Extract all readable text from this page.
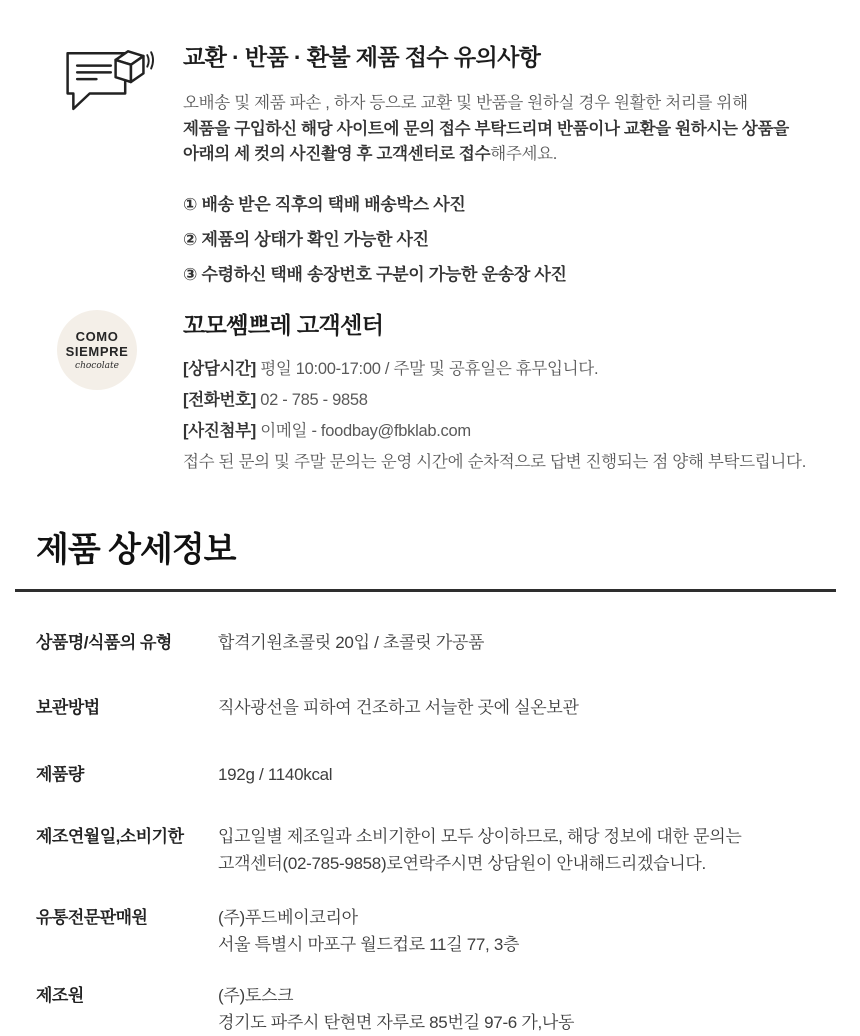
교환 · 반품 · 환불 제품 접수 유의사항

오배송 및 제품 파손 , 하자 등으로 교환 및 반품을 원하실 경우 원활한 처리를 위해
제품을 구입하신 해당 사이트에 문의 접수 부탁드리며 반품이나 교환을 원하시는 상품을
아래의 세 컷의 사진촬영 후 고객센터로 접수해주세요.

① 배송 받은 직후의 택배 배송박스 사진
② 제품의 상태가 확인 가능한 사진
③ 수령하신 택배 송장번호 구분이 가능한 운송장 사진
COMO
SIEMPRE
chocolate
꼬모쎔쁘레 고객센터
[상담시간] 평일 10:00-17:00 / 주말 및 공휴일은 휴무입니다.
[전화번호] 02 - 785 - 9858
[사진첨부] 이메일 - foodbay@fbklab.com
접수 된 문의 및 주말 문의는 운영 시간에 순차적으로 답변 진행되는 점 양해 부탁드립니다.
제품 상세정보
상품명/식품의 유형	합격기원초콜릿 20입 / 초콜릿 가공품
보관방법	직사광선을 피하여 건조하고 서늘한 곳에 실온보관
제품량	192g / 1140kcal
제조연월일,소비기한	입고일별 제조일과 소비기한이 모두 상이하므로, 해당 정보에 대한 문의는
고객센터(02-785-9858)로연락주시면 상담원이 안내해드리겠습니다.
유통전문판매원	(주)푸드베이코리아
서울 특별시 마포구 월드컵로 11길 77, 3층
제조원	(주)토스크
경기도 파주시 탄현면 자루로 85번길 97-6 가,나동
